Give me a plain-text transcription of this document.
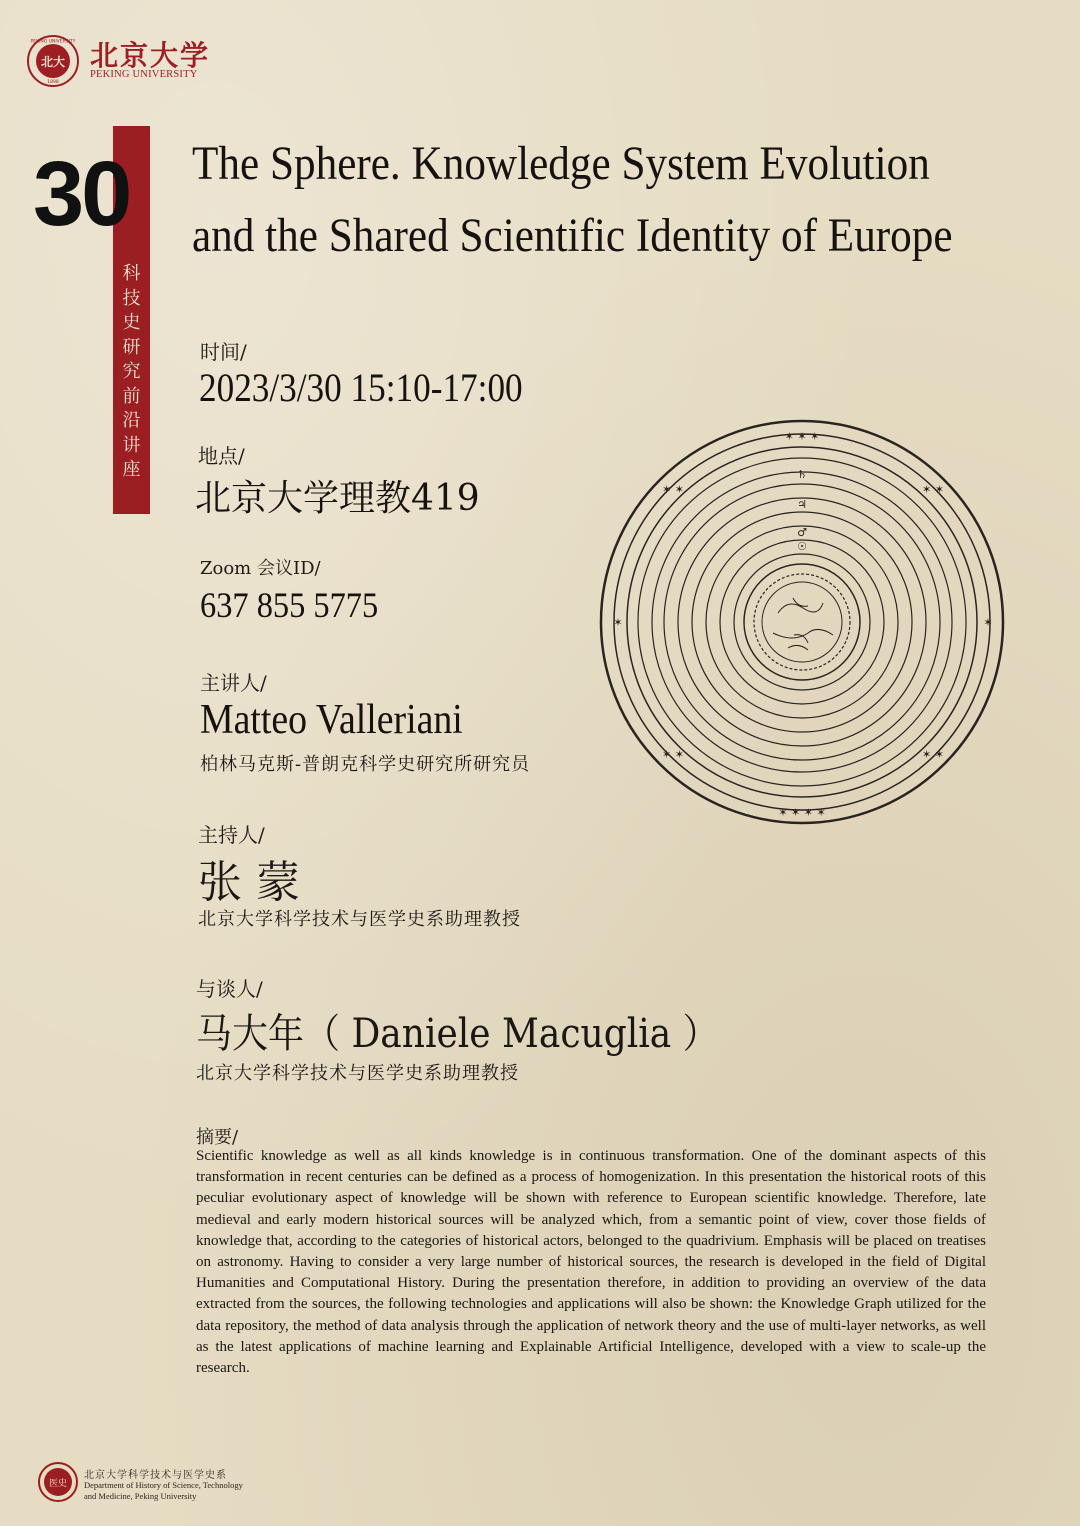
北大
PEKING UNIVERSITY
1898
北京大学
PEKING UNIVERSITY
30
科
技
史
研
究
前
沿
讲
座
The Sphere. Knowledge System Evolution
and the Shared Scientific Identity of Europe
时间/
2023/3/30 15:10-17:00
地点/
北京大学理教419
Zoom 会议ID/
637 855 5775
主讲人/
Matteo Valleriani
柏林马克斯-普朗克科学史研究所研究员
主持人/
张 蒙
北京大学科学技术与医学史系助理教授
与谈人/
马大年（ Daniele Macuglia ）
北京大学科学技术与医学史系助理教授
摘要/
Scientific knowledge as well as all kinds knowledge is in continuous transformation. One of the dominant aspects of this transformation in recent centuries can be defined as a process of homogenization. In this presentation the historical roots of this peculiar evolutionary aspect of knowledge will be shown with reference to European scientific knowledge. Therefore, late medieval and early modern historical sources will be analyzed which, from a semantic point of view, cover those fields of knowledge that, according to the categories of historical actors, belonged to the quadrivium. Emphasis will be placed on treatises on astronomy. Having to consider a very large number of historical sources, the research is developed in the field of Digital Humanities and Computational History. During the presentation therefore, in addition to providing an overview of the data extracted from the sources, the following technologies and applications will also be shown: the Knowledge Graph utilized for the data repository, the method of data analysis through the application of network theory and the use of multi-layer networks, as well as the latest applications of machine learning and Explainable Artificial Intelligence, developed with a view to scale-up the research.
✶ ✶ ✶
✶ ✶ ✶ ✶
✶	✶
✶ ✶	✶ ✶
✶ ✶	✶ ✶
♄
♃
♂
☉
医史
北京大学科学技术与医学史系
Department of History of Science, Technology
and Medicine, Peking University
